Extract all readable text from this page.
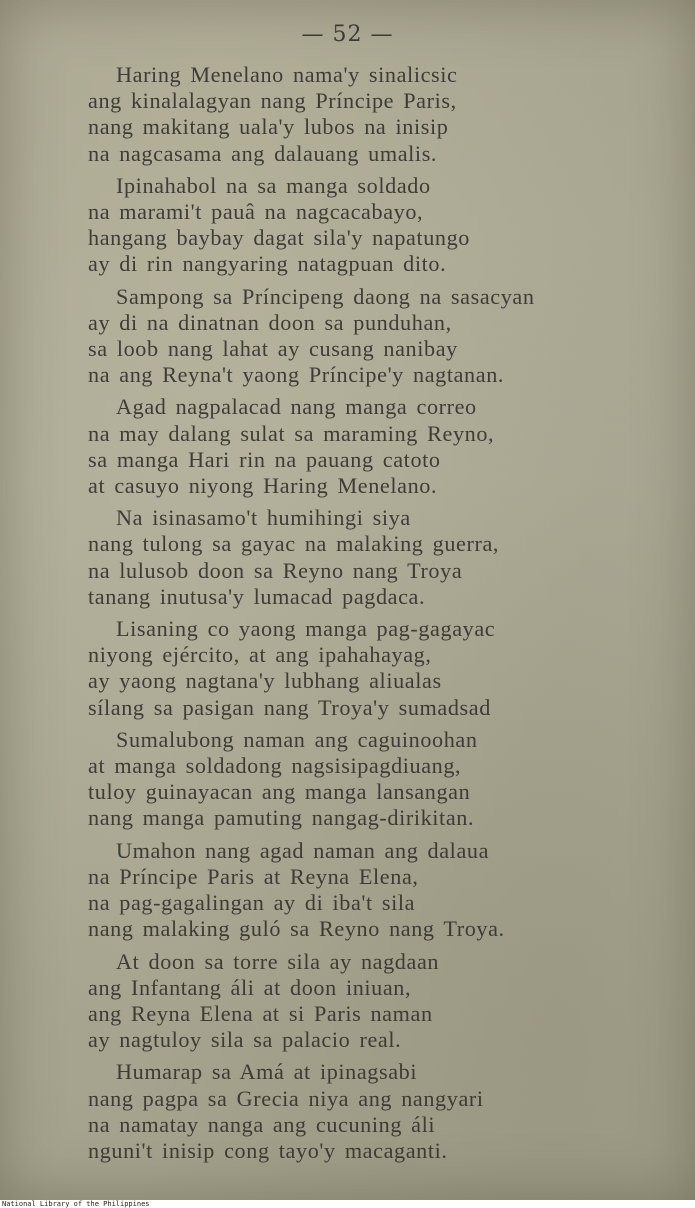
— 52 —
Haring Menelano nama'y sinalicsic
ang kinalalagyan nang Príncipe Paris,
nang makitang uala'y lubos na inisip
na nagcasama ang dalauang umalis.
Ipinahabol na sa manga soldado
na marami't pauâ na nagcacabayo,
hangang baybay dagat sila'y napatungo
ay di rin nangyaring natagpuan dito.
Sampong sa Príncipeng daong na sasacyan
ay di na dinatnan doon sa punduhan,
sa loob nang lahat ay cusang nanibay
na ang Reyna't yaong Príncipe'y nagtanan.
Agad nagpalacad nang manga correo
na may dalang sulat sa maraming Reyno,
sa manga Hari rin na pauang catoto
at casuyo niyong Haring Menelano.
Na isinasamo't humihingi siya
nang tulong sa gayac na malaking guerra,
na lulusob doon sa Reyno nang Troya
tanang inutusa'y lumacad pagdaca.
Lisaning co yaong manga pag-gagayac
niyong ejército, at ang ipahahayag,
ay yaong nagtana'y lubhang aliualas
sílang sa pasigan nang Troya'y sumadsad
Sumalubong naman ang caguinoohan
at manga soldadong nagsisipagdiuang,
tuloy guinayacan ang manga lansangan
nang manga pamuting nangag-dirikitan.
Umahon nang agad naman ang dalaua
na Príncipe Paris at Reyna Elena,
na pag-gagalingan ay di iba't sila
nang malaking guló sa Reyno nang Troya.
At doon sa torre sila ay nagdaan
ang Infantang áli at doon iniuan,
ang Reyna Elena at si Paris naman
ay nagtuloy sila sa palacio real.
Humarap sa Amá at ipinagsabi
nang pagpa sa Grecia niya ang nangyari
na namatay nanga ang cucuning áli
nguni't inisip cong tayo'y macaganti.
National Library of the Philippines
